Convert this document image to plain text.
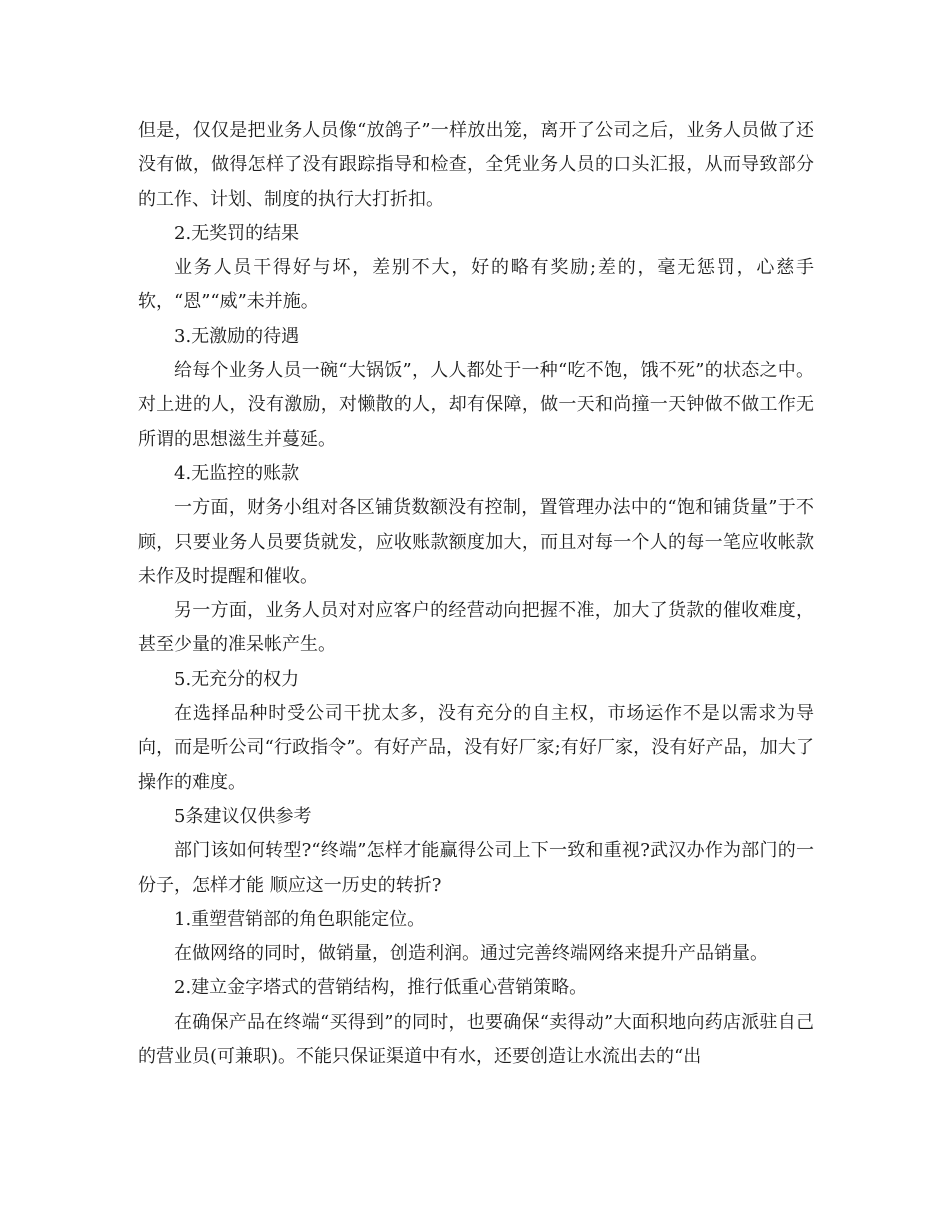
但是，仅仅是把业务人员像“放鸽子”一样放出笼，离开了公司之后，业务人员做了还没有做，做得怎样了没有跟踪指导和检查，全凭业务人员的口头汇报，从而导致部分的工作、计划、制度的执行大打折扣。

2.无奖罚的结果

业务人员干得好与坏，差别不大，好的略有奖励;差的，毫无惩罚，心慈手软，“恩”“威”未并施。

3.无激励的待遇

给每个业务人员一碗“大锅饭”，人人都处于一种“吃不饱，饿不死”的状态之中。对上进的人，没有激励，对懒散的人，却有保障，做一天和尚撞一天钟做不做工作无所谓的思想滋生并蔓延。

4.无监控的账款

一方面，财务小组对各区铺货数额没有控制，置管理办法中的“饱和铺货量”于不顾，只要业务人员要货就发，应收账款额度加大，而且对每一个人的每一笔应收帐款未作及时提醒和催收。

另一方面，业务人员对对应客户的经营动向把握不准，加大了货款的催收难度，甚至少量的准呆帐产生。

5.无充分的权力

在选择品种时受公司干扰太多，没有充分的自主权，市场运作不是以需求为导向，而是听公司“行政指令”。有好产品，没有好厂家;有好厂家，没有好产品，加大了操作的难度。

5条建议仅供参考

部门该如何转型?“终端”怎样才能赢得公司上下一致和重视?武汉办作为部门的一份子，怎样才能 顺应这一历史的转折?

1.重塑营销部的角色职能定位。

在做网络的同时，做销量，创造利润。通过完善终端网络来提升产品销量。

2.建立金字塔式的营销结构，推行低重心营销策略。

在确保产品在终端“买得到”的同时，也要确保“卖得动”大面积地向药店派驻自己的营业员(可兼职)。不能只保证渠道中有水，还要创造让水流出去的“出
